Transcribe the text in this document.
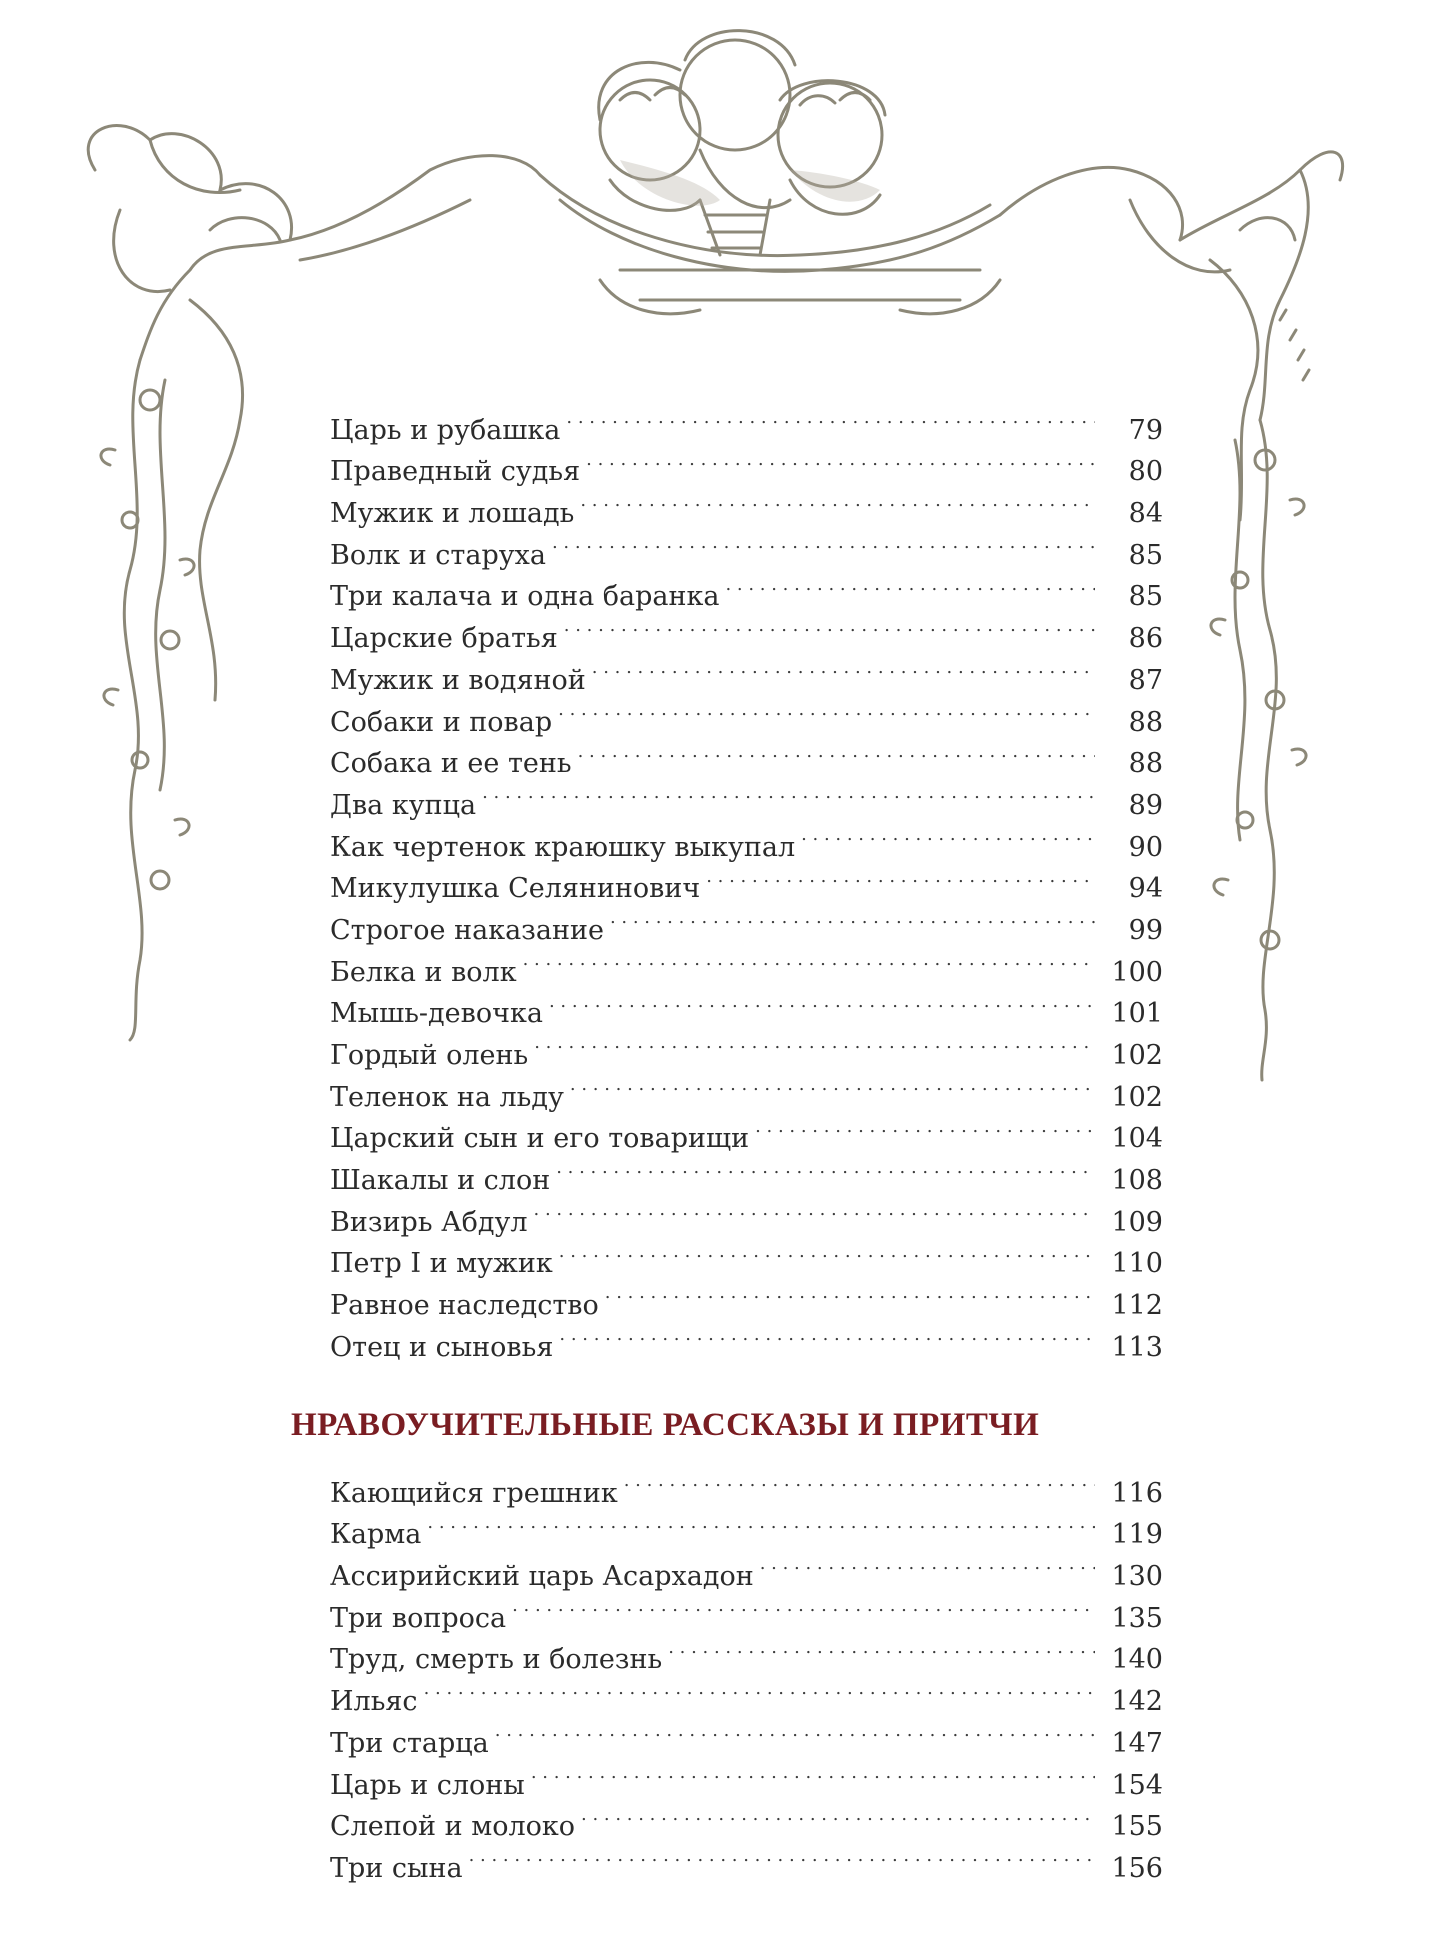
Царь и рубашка . . .	79
Праведный судья . . .	80
Мужик и лошадь . . .	84
Волк и старуха . . .	85
Три калача и одна баранка . . .	85
Царские братья . . .	86
Мужик и водяной . . .	87
Собаки и повар . . .	88
Собака и ее тень . . .	88
Два купца . . .	89
Как чертенок краюшку выкупал . . .	90
Микулушка Селянинович . . .	94
Строгое наказание . . .	99
Белка и волк . . .	100
Мышь-девочка . . .	101
Гордый олень . . .	102
Теленок на льду . . .	102
Царский сын и его товарищи . . .	104
Шакалы и слон . . .	108
Визирь Абдул . . .	109
Петр I и мужик . . .	110
Равное наследство . . .	112
Отец и сыновья . . .	113
НРАВОУЧИТЕЛЬНЫЕ РАССКАЗЫ И ПРИТЧИ
Кающийся грешник . . .	116
Карма . . .	119
Ассирийский царь Асархадон . . .	130
Три вопроса . . .	135
Труд, смерть и болезнь . . .	140
Ильяс . . .	142
Три старца . . .	147
Царь и слоны . . .	154
Слепой и молоко . . .	155
Три сына . . .	156
